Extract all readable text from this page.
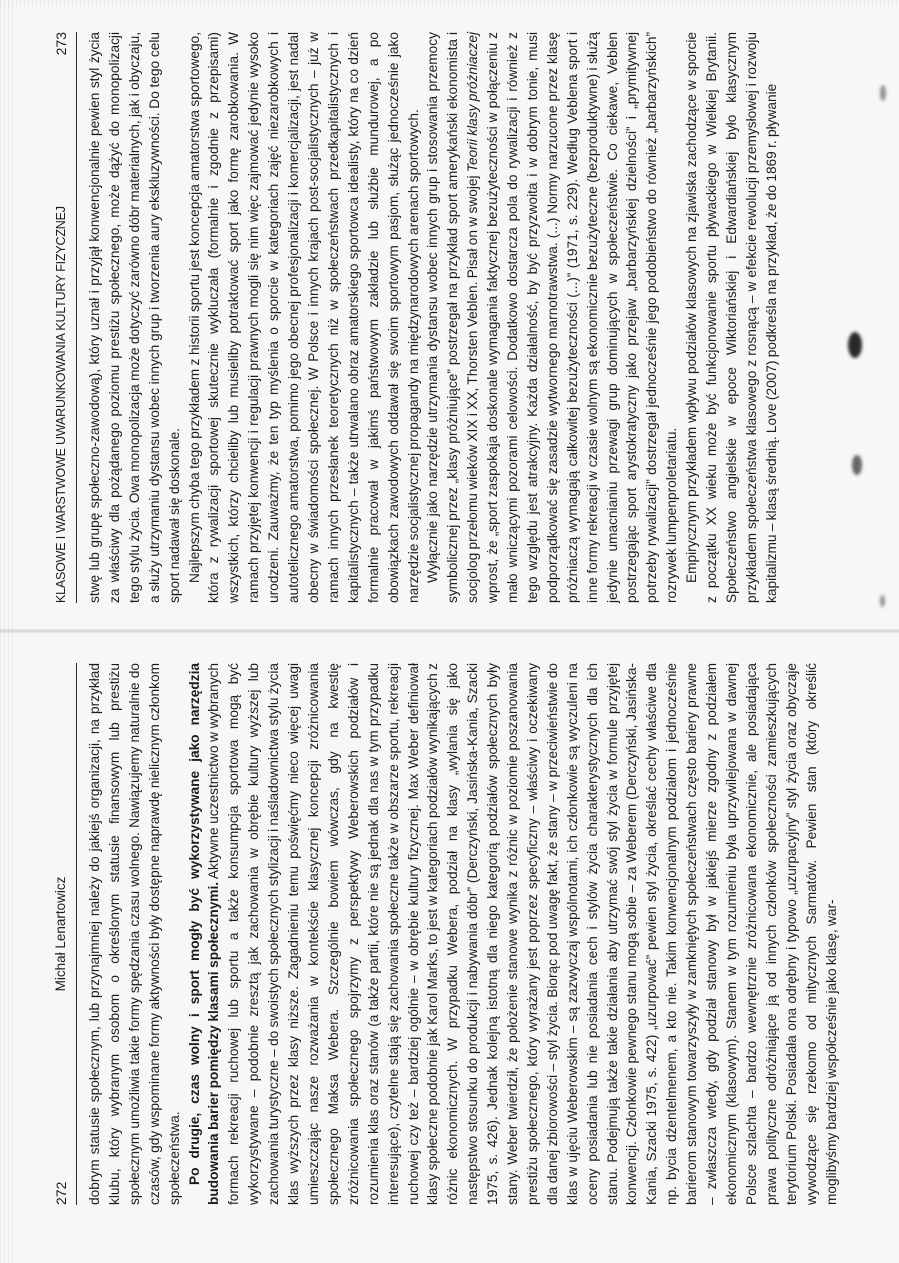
272
Michał Lenartowicz dobrym statusie społecznym, lub przynajmniej należy do jakiejś organizacji, na przykład klubu, który wybranym osobom o określonym statusie finansowym lub prestiżu społecznym umożliwia takie formy spędzania czasu wolnego. Nawiązujemy naturalnie do czasów, gdy wspominane formy aktywności były dostępne naprawdę nielicznym członkom społeczeństwa. Po drugie, czas wolny i sport mogły być wykorzystywane jako narzędzia budowania barier pomiędzy klasami społecznymi. Aktywne uczestnictwo w wybranych formach rekreacji ruchowej lub sportu a także konsumpcja sportowa mogą być wykorzystywane – podobnie zresztą jak zachowania w obrębie kultury wyższej lub zachowania turystyczne – do swoistych społecznych stylizacji i naśladownictwa stylu życia klas wyższych przez klasy niższe. Zagadnieniu temu poświęćmy nieco więcej uwagi umieszczając nasze rozważania w kontekście klasycznej koncepcji zróżnicowania społecznego Maksa Webera. Szczególnie bowiem wówczas, gdy na kwestię zróżnicowania społecznego spojrzymy z perspektywy Weberowskich podziałów i rozumienia klas oraz stanów (a także partii, które nie są jednak dla nas w tym przypadku interesujące), czytelne stają się zachowania społeczne także w obszarze sportu, rekreacji ruchowej czy też – bardziej ogólnie – w obrębie kultury fizycznej. Max Weber definiował klasy społeczne podobnie jak Karol Marks, to jest w kategoriach podziałów wynikających z różnic ekonomicznych. W przypadku Webera, podział na klasy „wylania się jako następstwo stosunku do produkcji i nabywania dóbr” (Derczyński, Jasińska-Kania, Szacki 1975, s. 426). Jednak kolejną istotną dla niego kategorią podziałów społecznych były stany. Weber twierdził, że położenie stanowe wynika z różnic w poziomie poszanowania prestiżu społecznego, który wyrażany jest poprzez specyficzny – właściwy i oczekiwany dla danej zbiorowości – styl życia. Biorąc pod uwagę fakt, że stany – w przeciwieństwie do klas w ujęciu Weberowskim – są zazwyczaj wspólnotami, ich członkowie są wyczuleni na oceny posiadania lub nie posiadania cech i stylów życia charakterystycznych dla ich stanu. Podejmują także takie działania aby utrzymać swój styl życia w formule przyjętej konwencji. Członkowie pewnego stanu mogą sobie – za Weberem (Derczyński, Jasińska-Kania, Szacki 1975, s. 422) „uzurpować” pewien styl życia, określać cechy właściwe dla np. bycia dżentelmenem, a kto nie. Takim konwencjonalnym podziałom i jednocześnie barierom stanowym towarzyszyły w zamkniętych społeczeństwach często bariery prawne – zwłaszcza wtedy, gdy podział stanowy był w jakiejś mierze zgodny z podziałem ekonomicznym (klasowym). Stanem w tym rozumieniu była uprzywilejowana w dawnej Polsce szlachta – bardzo wewnętrznie zróżnicowana ekonomicznie, ale posiadająca prawa polityczne odróżniające ją od innych członków społeczności zamieszkujących terytorium Polski. Posiadała ona odrębny i typowo „uzurpacyjny” styl życia oraz obyczaje wywodzące się rzekomo od mitycznych Sarmatów. Pewien stan (który określić moglibyśmy bardziej współcześnie jako klasę, war-

KLASOWE I WARSTWOWE UWARUNKOWANIA KULTURY FIZYCZNEJ
273 stwę lub grupę społeczno-zawodową), który uznał i przyjął konwencjonalnie pewien styl życia za właściwy dla pożądanego poziomu prestiżu społecznego, może dążyć do monopolizacji tego stylu życia. Owa monopolizacja może dotyczyć zarówno dóbr materialnych, jak i obyczaju, a służy utrzymaniu dystansu wobec innych grup i tworzenia aury ekskluzywności. Do tego celu sport nadawał się doskonale. Najlepszym chyba tego przykładem z historii sportu jest koncepcja amatorstwa sportowego, która z rywalizacji sportowej skutecznie wykluczała (formalnie i zgodnie z przepisami) wszystkich, którzy chcieliby lub musieliby potraktować sport jako formę zarobkowania. W ramach przyjętej konwencji i regulacji prawnych mogli się nim więc zajmować jedynie wysoko urodzeni. Zauważmy, że ten typ myślenia o sporcie w kategoriach zajęć niezarobkowych i autotelicznego amatorstwa, pomimo jego obecnej profesjonalizacji i komercjalizacji, jest nadal obecny w świadomości społecznej. W Polsce i innych krajach post-socjalistycznych – już w ramach innych przesłanek teoretycznych niż w społeczeństwach przedkapitalistycznych i kapitalistycznych – także utrwalano obraz amatorskiego sportowca idealisty, który na co dzień formalnie pracował w jakimś państwowym zakładzie lub służbie mundurowej, a po obowiązkach zawodowych oddawał się swoim sportowym pasjom, służąc jednocześnie jako narzędzie socjalistycznej propagandy na międzynarodowych arenach sportowych. Wyłącznie jako narzędzie utrzymania dystansu wobec innych grup i stosowania przemocy symbolicznej przez „klasy próżniujące” postrzegał na przykład sport amerykański ekonomista i socjolog przełomu wieków XIX i XX, Thorsten Veblen. Pisał on w swojej Teorii klasy próżniaczej wprost, że „sport zaspokaja doskonale wymagania faktycznej bezużyteczności w połączeniu z mało wniczącymi pozorami celowości. Dodatkowo dostarcza pola do rywalizacji i również z tego względu jest atrakcyjny. Każda działalność, by być przyzwoita i w dobrym tonie, musi podporządkować się zasadzie wytwornego marnotrawstwa. (...) Normy narzucone przez klasę próżniaczą wymagają całkowitej bezużyteczności (...)” (1971, s. 229). Według Veblena sport i inne formy rekreacji w czasie wolnym są ekonomicznie bezużyteczne (bezproduktywne) i służą jedynie umacnianiu przewagi grup dominujących w społeczeństwie. Co ciekawe, Veblen postrzegając sport arystokratyczny jako przejaw „barbarzyńskiej dzielności” i „prymitywnej potrzeby rywalizacji” dostrzegał jednocześnie jego podobieństwo do również „barbarzyńskich” rozrywek lumpenproletariatu. Empirycznym przykładem wpływu podziałów klasowych na zjawiska zachodzące w sporcie z początku XX wieku może być funkcjonowanie sportu pływackiego w Wielkiej Brytanii. Społeczeństwo angielskie w epoce Wiktoriańskiej i Edwardiańskiej było klasycznym przykładem społeczeństwa klasowego z rosnącą – w efekcie rewolucji przemysłowej i rozwoju kapitalizmu – klasą średnią. Love (2007) podkreśla na przykład, że do 1869 r. pływanie
